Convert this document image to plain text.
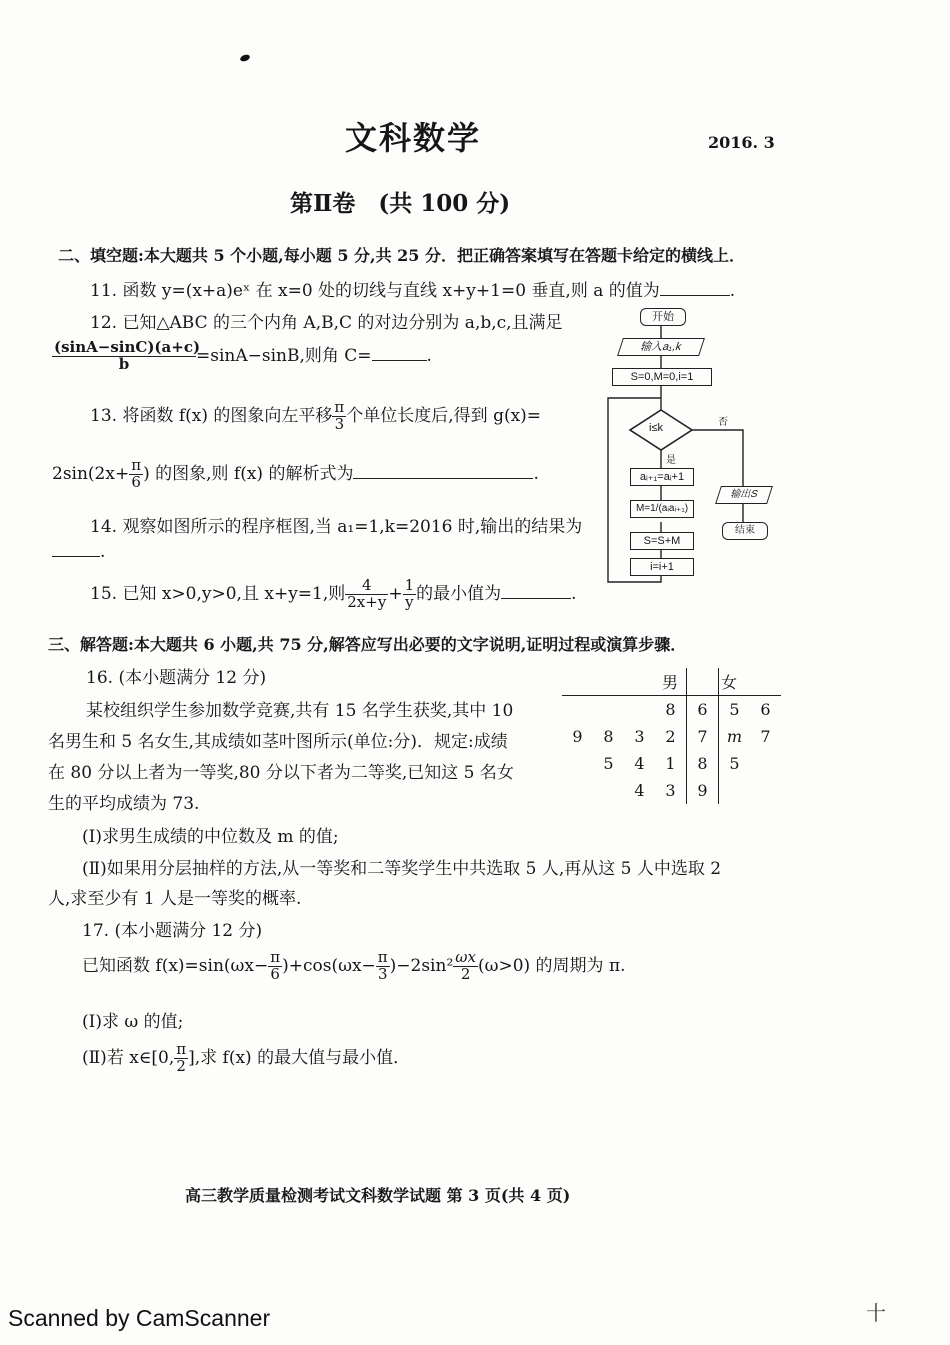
文科数学	2016. 3
第Ⅱ卷　(共 100 分)
二、填空题:本大题共 5 个小题,每小题 5 分,共 25 分．把正确答案填写在答题卡给定的横线上．
11. 函数 y=(x+a)eˣ 在 x=0 处的切线与直线 x+y+1=0 垂直,则 a 的值为	.
12. 已知△ABC 的三个内角 A,B,C 的对边分别为 a,b,c,且满足
$\frac{(\sin A-\sin C)(a+c)}{b} =\sin A-\sin B$,则角 C=	.
13. 将函数 f(x) 的图象向左平移 $\frac{\pi}{3}$ 个单位长度后,得到 g(x)=
$2\sin(2x+ \frac{\pi}{6}$ ) 的图象,则 f(x) 的解析式为	.
14. 观察如图所示的程序框图,当 a₁=1,k=2016 时,输出的结果为
.
15. 已知 x>0,y>0,且 x+y=1,则 $\frac{4}{2x+y} + \frac{1}{y}$ 的最小值为	.
开始
输入a₁,k
S=0,M=0,i=1
i≤k	否
是
aᵢ₊₁=aᵢ+1
M=1/(aᵢaᵢ₊₁)
S=S+M
i=i+1
输出S
结束
三、解答题:本大题共 6 小题,共 75 分,解答应写出必要的文字说明,证明过程或演算步骤．
16. (本小题满分 12 分)
某校组织学生参加数学竞赛,共有 15 名学生获奖,其中 10
名男生和 5 名女生,其成绩如茎叶图所示(单位:分)．规定:成绩
在 80 分以上者为一等奖,80 分以下者为二等奖,已知这 5 名女
生的平均成绩为 73.
男					女	
			8	6	5	6
9	8	3	2	7	m	7
	5	4	1	8	5	
		4	3	9		
(Ⅰ)求男生成绩的中位数及 m 的值;
(Ⅱ)如果用分层抽样的方法,从一等奖和二等奖学生中共选取 5 人,再从这 5 人中选取 2
人,求至少有 1 人是一等奖的概率.
17. (本小题满分 12 分)
已知函数 $f(x)=\sin(\omega x- \frac{\pi}{6} )+\cos(\omega x- \frac{\pi}{3} )-2\sin^2 \frac{\omega x}{2} (\omega>0)$ 的周期为 π.
(Ⅰ)求 ω 的值;
(Ⅱ)若 x∈[0, $\frac{\pi}{2}$ ],求 f(x) 的最大值与最小值．
高三教学质量检测考试文科数学试题 第 3 页(共 4 页)
十
Scanned by CamScanner
